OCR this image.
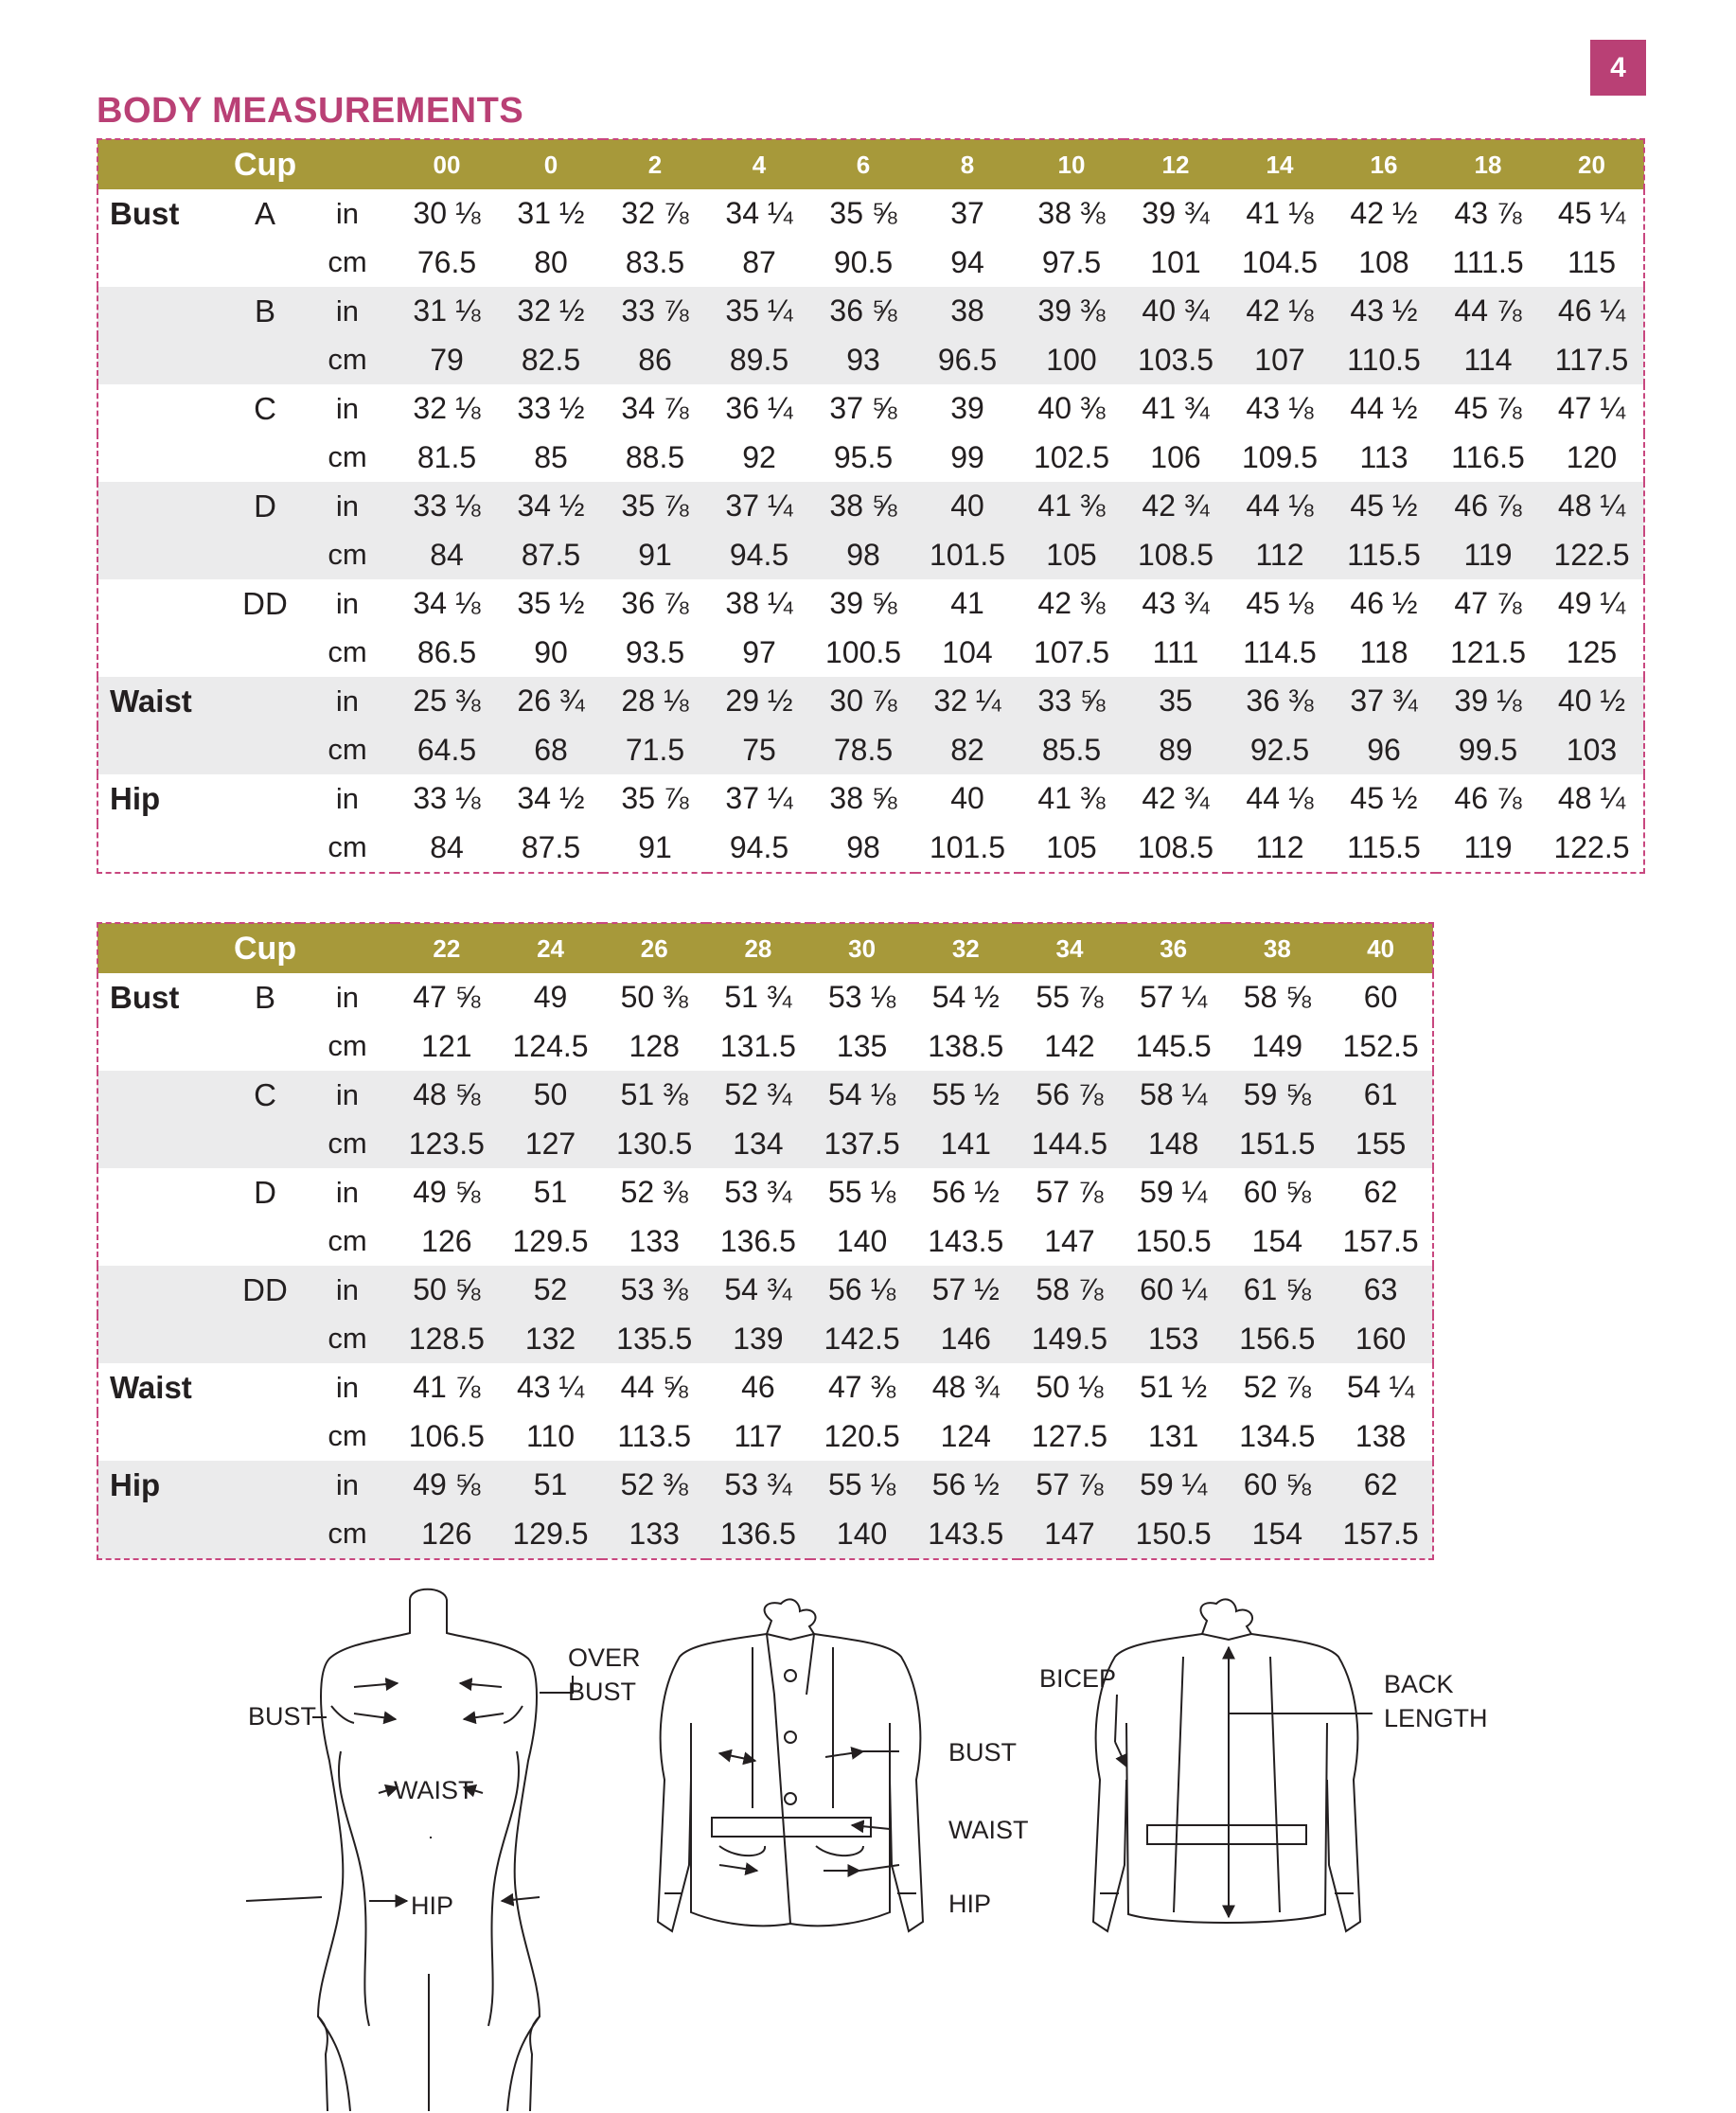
4
BODY MEASUREMENTS
	Cup		00	0	2	4	6	8	10	12	14	16	18	20
Bust	A	in	30 ⅛	31 ½	32 ⅞	34 ¼	35 ⅝	37	38 ⅜	39 ¾	41 ⅛	42 ½	43 ⅞	45 ¼
		cm	76.5	80	83.5	87	90.5	94	97.5	101	104.5	108	111.5	115
	B	in	31 ⅛	32 ½	33 ⅞	35 ¼	36 ⅝	38	39 ⅜	40 ¾	42 ⅛	43 ½	44 ⅞	46 ¼
		cm	79	82.5	86	89.5	93	96.5	100	103.5	107	110.5	114	117.5
	C	in	32 ⅛	33 ½	34 ⅞	36 ¼	37 ⅝	39	40 ⅜	41 ¾	43 ⅛	44 ½	45 ⅞	47 ¼
		cm	81.5	85	88.5	92	95.5	99	102.5	106	109.5	113	116.5	120
	D	in	33 ⅛	34 ½	35 ⅞	37 ¼	38 ⅝	40	41 ⅜	42 ¾	44 ⅛	45 ½	46 ⅞	48 ¼
		cm	84	87.5	91	94.5	98	101.5	105	108.5	112	115.5	119	122.5
	DD	in	34 ⅛	35 ½	36 ⅞	38 ¼	39 ⅝	41	42 ⅜	43 ¾	45 ⅛	46 ½	47 ⅞	49 ¼
		cm	86.5	90	93.5	97	100.5	104	107.5	111	114.5	118	121.5	125
Waist		in	25 ⅜	26 ¾	28 ⅛	29 ½	30 ⅞	32 ¼	33 ⅝	35	36 ⅜	37 ¾	39 ⅛	40 ½
		cm	64.5	68	71.5	75	78.5	82	85.5	89	92.5	96	99.5	103
Hip		in	33 ⅛	34 ½	35 ⅞	37 ¼	38 ⅝	40	41 ⅜	42 ¾	44 ⅛	45 ½	46 ⅞	48 ¼
		cm	84	87.5	91	94.5	98	101.5	105	108.5	112	115.5	119	122.5
	Cup		22	24	26	28	30	32	34	36	38	40
Bust	B	in	47 ⅝	49	50 ⅜	51 ¾	53 ⅛	54 ½	55 ⅞	57 ¼	58 ⅝	60
		cm	121	124.5	128	131.5	135	138.5	142	145.5	149	152.5
	C	in	48 ⅝	50	51 ⅜	52 ¾	54 ⅛	55 ½	56 ⅞	58 ¼	59 ⅝	61
		cm	123.5	127	130.5	134	137.5	141	144.5	148	151.5	155
	D	in	49 ⅝	51	52 ⅜	53 ¾	55 ⅛	56 ½	57 ⅞	59 ¼	60 ⅝	62
		cm	126	129.5	133	136.5	140	143.5	147	150.5	154	157.5
	DD	in	50 ⅝	52	53 ⅜	54 ¾	56 ⅛	57 ½	58 ⅞	60 ¼	61 ⅝	63
		cm	128.5	132	135.5	139	142.5	146	149.5	153	156.5	160
Waist		in	41 ⅞	43 ¼	44 ⅝	46	47 ⅜	48 ¾	50 ⅛	51 ½	52 ⅞	54 ¼
		cm	106.5	110	113.5	117	120.5	124	127.5	131	134.5	138
Hip		in	49 ⅝	51	52 ⅜	53 ¾	55 ⅛	56 ½	57 ⅞	59 ¼	60 ⅝	62
		cm	126	129.5	133	136.5	140	143.5	147	150.5	154	157.5
BUST
OVER
BUST
WAIST
HIP
BUST
WAIST
HIP
BICEP	BACK
LENGTH
